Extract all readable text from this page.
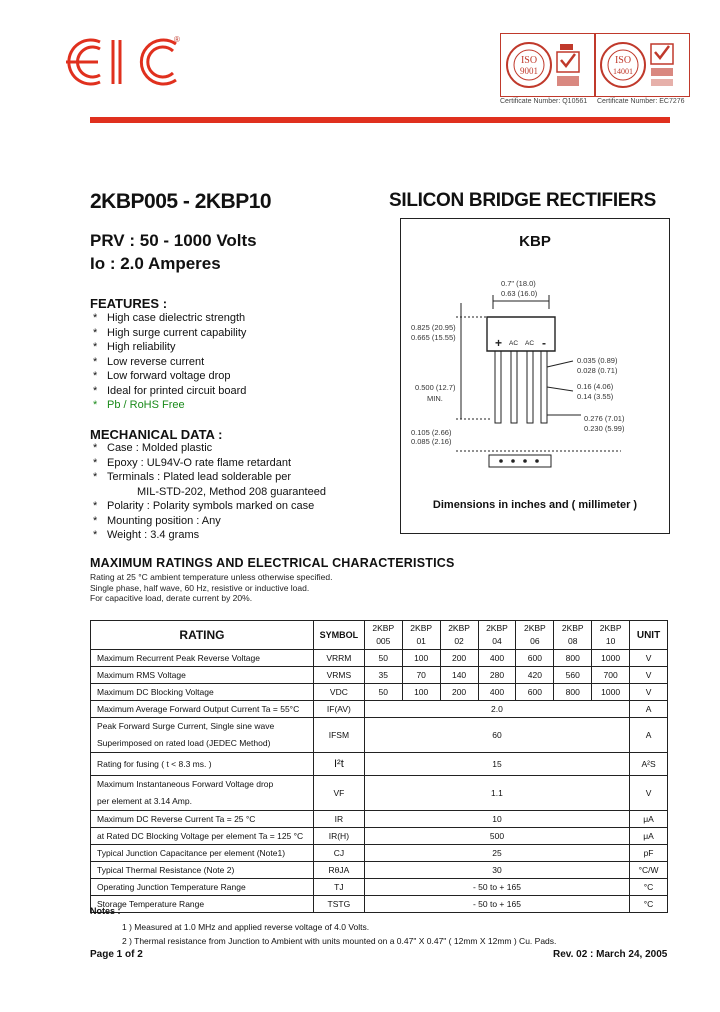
®
ISO
9001
Certificate Number: Q10561
ISO
14001
Certificate Number: EC7276
2KBP005 - 2KBP10	SILICON BRIDGE RECTIFIERS
PRV : 50 - 1000 Volts
Io : 2.0 Amperes
FEATURES :
* High case dielectric strength
* High surge current capability
* High reliability
* Low reverse current
* Low forward voltage drop
* Ideal for printed circuit board
* Pb / RoHS Free
MECHANICAL DATA :
* Case : Molded plastic
* Epoxy : UL94V-O rate flame retardant
* Terminals : Plated lead solderable per
MIL-STD-202, Method 208 guaranteed
* Polarity : Polarity symbols marked on case
* Mounting position : Any
* Weight : 3.4 grams
KBP
0.7" (18.0)
0.63 (16.0)
0.825 (20.95)
0.665 (15.55)
0.500 (12.7)
MIN.
0.035 (0.89)
0.028 (0.71)
0.16 (4.06)
0.14 (3.55)
0.276 (7.01)
0.230 (5.99)
0.105 (2.66)
0.085 (2.16)
+ AC AC -
Dimensions in inches and ( millimeter )
MAXIMUM RATINGS AND ELECTRICAL CHARACTERISTICS
Rating at 25 °C ambient temperature unless otherwise specified.
Single phase, half wave, 60 Hz, resistive or inductive load.
For capacitive load, derate current by 20%.
RATING	SYMBOL	2KBP
005	2KBP
01	2KBP
02	2KBP
04	2KBP
06	2KBP
08	2KBP
10	UNIT
Maximum Recurrent Peak Reverse Voltage	VRRM	50	100	200	400	600	800	1000	V
Maximum RMS Voltage	VRMS	35	70	140	280	420	560	700	V
Maximum DC Blocking Voltage	VDC	50	100	200	400	600	800	1000	V
Maximum Average Forward Output Current Ta = 55°C	IF(AV)	2.0							A

Peak Forward Surge Current, Single sine wave
Superimposed on rated load (JEDEC Method)	IFSM	60							A
Rating for fusing ( t < 8.3 ms. )	I²t	15							A²S

Maximum Instantaneous Forward Voltage drop
per element at 3.14 Amp.	VF	1.1							V
Maximum DC Reverse Current Ta = 25 °C	IR	10							μA
at Rated DC Blocking Voltage per element Ta = 125 °C	IR(H)	500							μA
Typical Junction Capacitance per element (Note1)	CJ	25							pF
Typical Thermal Resistance (Note 2)	RθJA	30							°C/W
Operating Junction Temperature Range	TJ	- 50 to + 165							°C
Storage Temperature Range	TSTG	- 50 to + 165							°C
Notes :
1 ) Measured at 1.0 MHz and applied reverse voltage of 4.0 Volts.
2 ) Thermal resistance from Junction to Ambient with units mounted on a 0.47" X 0.47" ( 12mm X 12mm ) Cu. Pads.
Page 1 of 2	Rev. 02 : March 24, 2005
